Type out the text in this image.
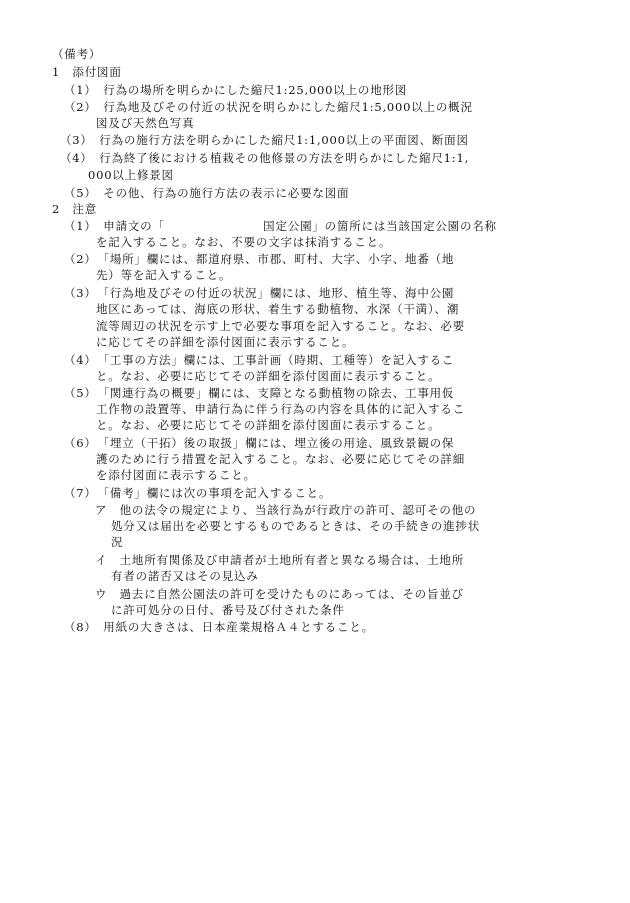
（備考）
1　添付図面
（1）　行為の場所を明らかにした縮尺1:25,000以上の地形図
（2）　行為地及びその付近の状況を明らかにした縮尺1:5,000以上の概況
図及び天然色写真
（3）　行為の施行方法を明らかにした縮尺1:1,000以上の平面図、断面図
（4）　行為終了後における植栽その他修景の方法を明らかにした縮尺1:1,
000以上修景図
（5）　その他、行為の施行方法の表示に必要な図面
2　注意
（1）　申請文の「　　　　　　　　国定公園」の箇所には当該国定公園の名称
を記入すること。なお、不要の文字は抹消すること。
（2）　「場所」欄には、都道府県、市郡、町村、大字、小字、地番（地
先）等を記入すること。
（3）　「行為地及びその付近の状況」欄には、地形、植生等、海中公園
地区にあっては、海底の形状、着生する動植物、水深（干満）、潮
流等周辺の状況を示す上で必要な事項を記入すること。なお、必要
に応じてその詳細を添付図面に表示すること。
（4）　「工事の方法」欄には、工事計画（時期、工種等）を記入するこ
と。なお、必要に応じてその詳細を添付図面に表示すること。
（5）　「関連行為の概要」欄には、支障となる動植物の除去、工事用仮
工作物の設置等、申請行為に伴う行為の内容を具体的に記入するこ
と。なお、必要に応じてその詳細を添付図面に表示すること。
（6）　「埋立（干拓）後の取扱」欄には、埋立後の用途、風致景観の保
護のために行う措置を記入すること。なお、必要に応じてその詳細
を添付図面に表示すること。
（7）　「備考」欄には次の事項を記入すること。
ア　他の法令の規定により、当該行為が行政庁の許可、認可その他の
処分又は届出を必要とするものであるときは、その手続きの進捗状
況
イ　土地所有関係及び申請者が土地所有者と異なる場合は、土地所
有者の諾否又はその見込み
ウ　過去に自然公園法の許可を受けたものにあっては、その旨並び
に許可処分の日付、番号及び付された条件
（8）　用紙の大きさは、日本産業規格Ａ４とすること。
